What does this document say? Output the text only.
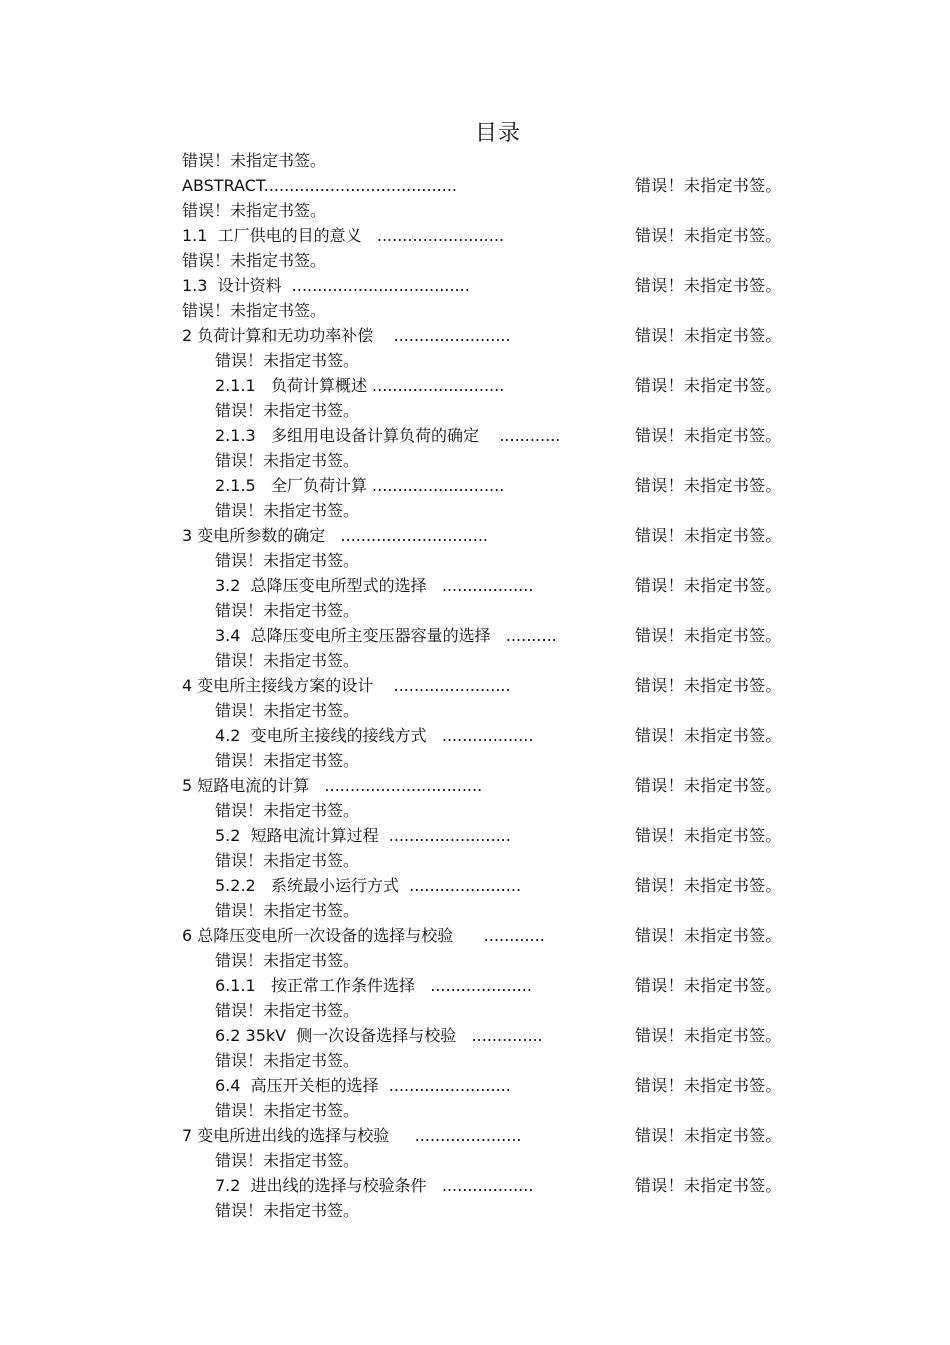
目录
错误！未指定书签。
ABSTRACT......................................	错误！未指定书签。
错误！未指定书签。
1.1  工厂供电的目的意义   .........................	错误！未指定书签。
错误！未指定书签。
1.3  设计资料  ...................................	错误！未指定书签。
错误！未指定书签。
2 负荷计算和无功功率补偿    .......................	错误！未指定书签。
错误！未指定书签。
2.1.1   负荷计算概述 ..........................	错误！未指定书签。
错误！未指定书签。
2.1.3   多组用电设备计算负荷的确定    ............	错误！未指定书签。
错误！未指定书签。
2.1.5   全厂负荷计算 ..........................	错误！未指定书签。
错误！未指定书签。
3 变电所参数的确定   .............................	错误！未指定书签。
错误！未指定书签。
3.2  总降压变电所型式的选择   ..................	错误！未指定书签。
错误！未指定书签。
3.4  总降压变电所主变压器容量的选择   ..........	错误！未指定书签。
错误！未指定书签。
4 变电所主接线方案的设计    .......................	错误！未指定书签。
错误！未指定书签。
4.2  变电所主接线的接线方式   ..................	错误！未指定书签。
错误！未指定书签。
5 短路电流的计算   ...............................	错误！未指定书签。
错误！未指定书签。
5.2  短路电流计算过程  ........................	错误！未指定书签。
错误！未指定书签。
5.2.2   系统最小运行方式  ......................	错误！未指定书签。
错误！未指定书签。
6 总降压变电所一次设备的选择与校验      ............	错误！未指定书签。
错误！未指定书签。
6.1.1   按正常工作条件选择   ....................	错误！未指定书签。
错误！未指定书签。
6.2 35kV  侧一次设备选择与校验   ..............	错误！未指定书签。
错误！未指定书签。
6.4  高压开关柜的选择  ........................	错误！未指定书签。
错误！未指定书签。
7 变电所进出线的选择与校验     .....................	错误！未指定书签。
错误！未指定书签。
7.2  进出线的选择与校验条件   ..................	错误！未指定书签。
错误！未指定书签。
